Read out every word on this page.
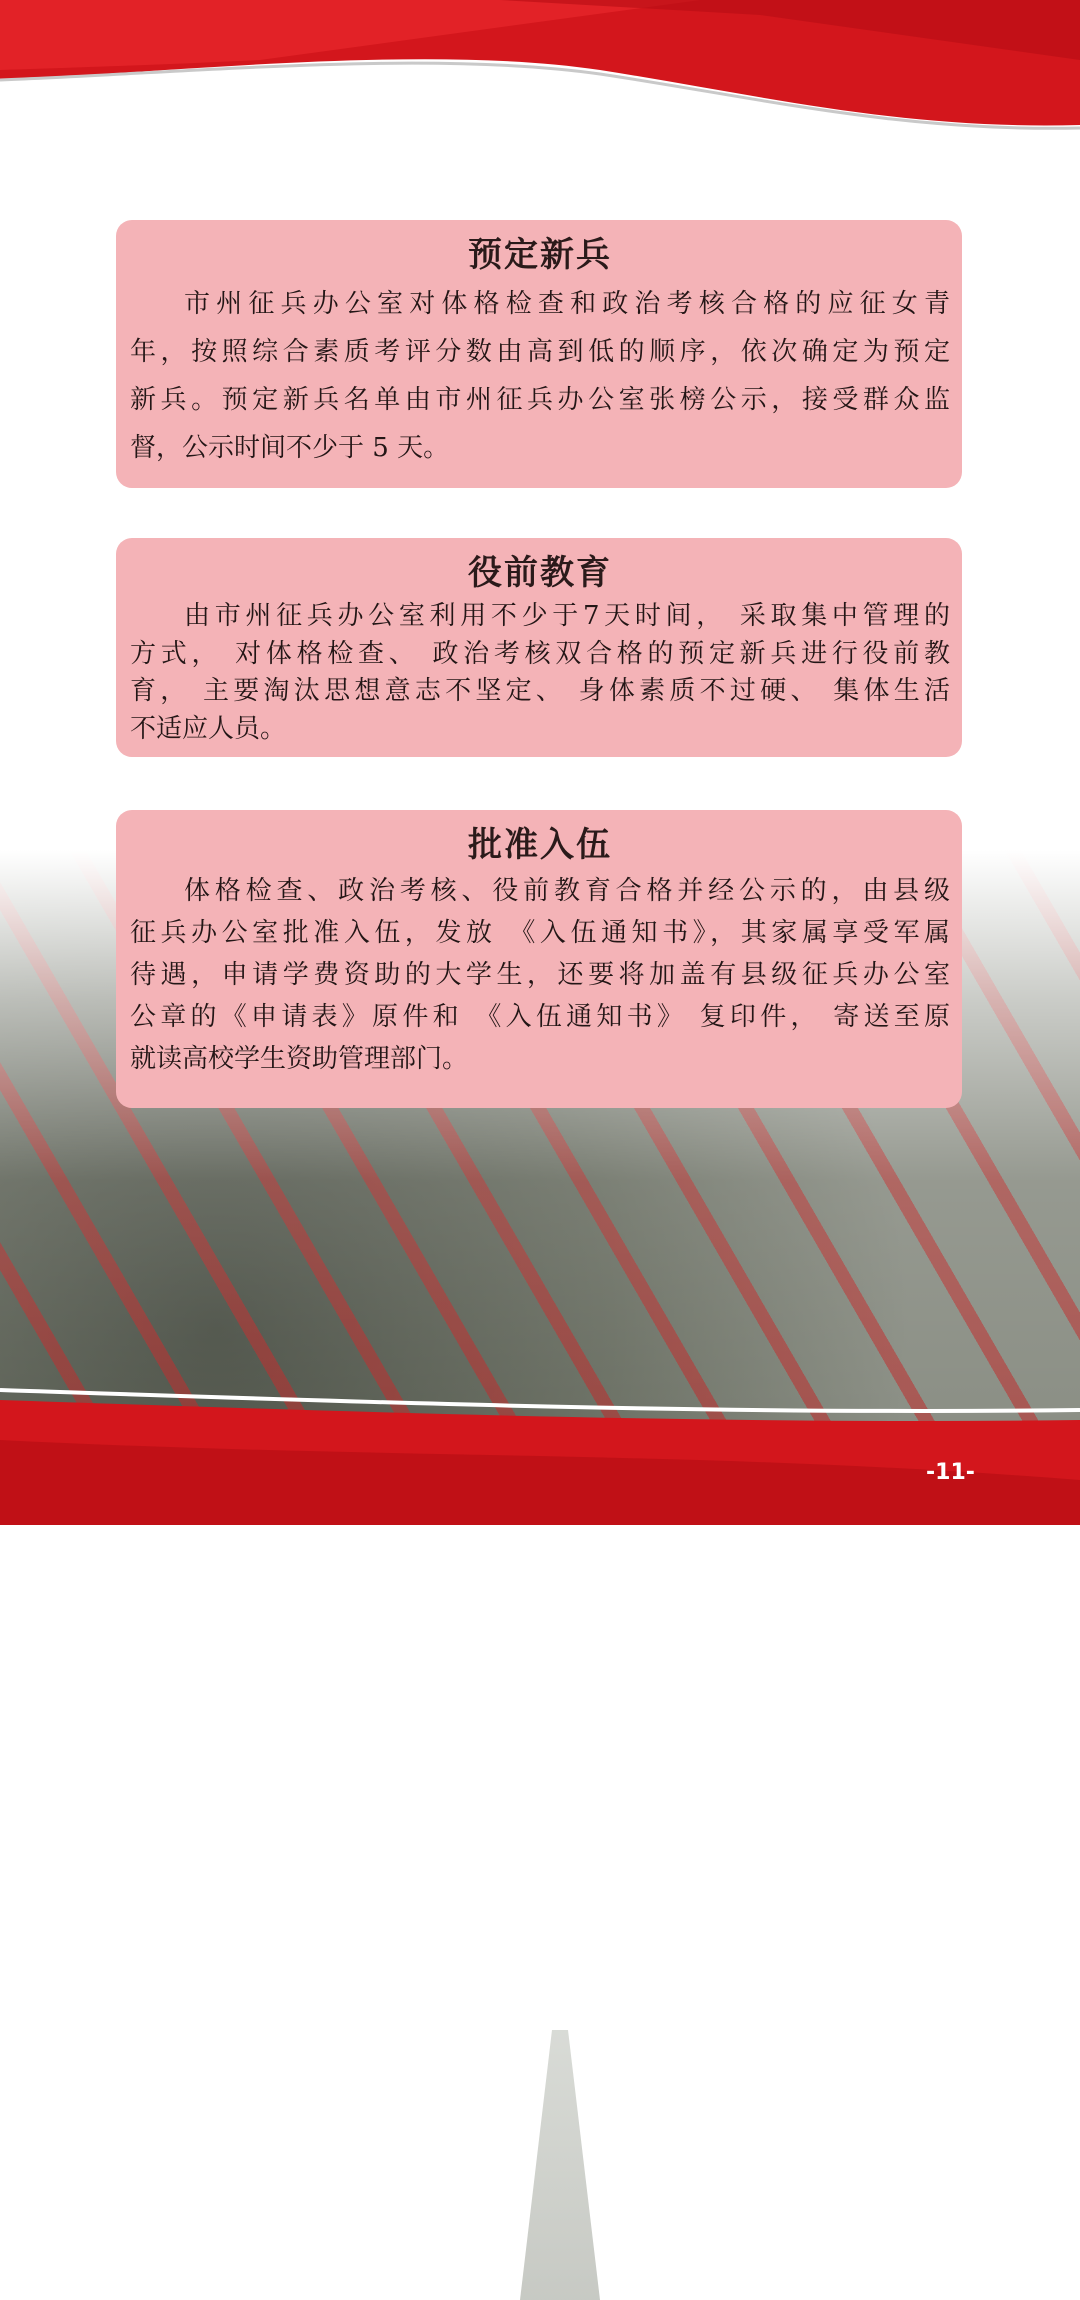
预定新兵
市州征兵办公室对体格检查和政治考核合格的应征女青
年，按照综合素质考评分数由高到低的顺序，依次确定为预定
新兵。预定新兵名单由市州征兵办公室张榜公示，接受群众监
督，公示时间不少于 5 天。
役前教育
由市州征兵办公室利用不少于7天时间， 采取集中管理的
方式， 对体格检查、 政治考核双合格的预定新兵进行役前教
育， 主要淘汰思想意志不坚定、 身体素质不过硬、 集体生活
不适应人员。
批准入伍
体格检查、政治考核、役前教育合格并经公示的，由县级
征兵办公室批准入伍，发放 《入伍通知书》，其家属享受军属
待遇，申请学费资助的大学生，还要将加盖有县级征兵办公室
公章的《申请表》原件和 《入伍通知书》 复印件， 寄送至原
就读高校学生资助管理部门。
-11-
